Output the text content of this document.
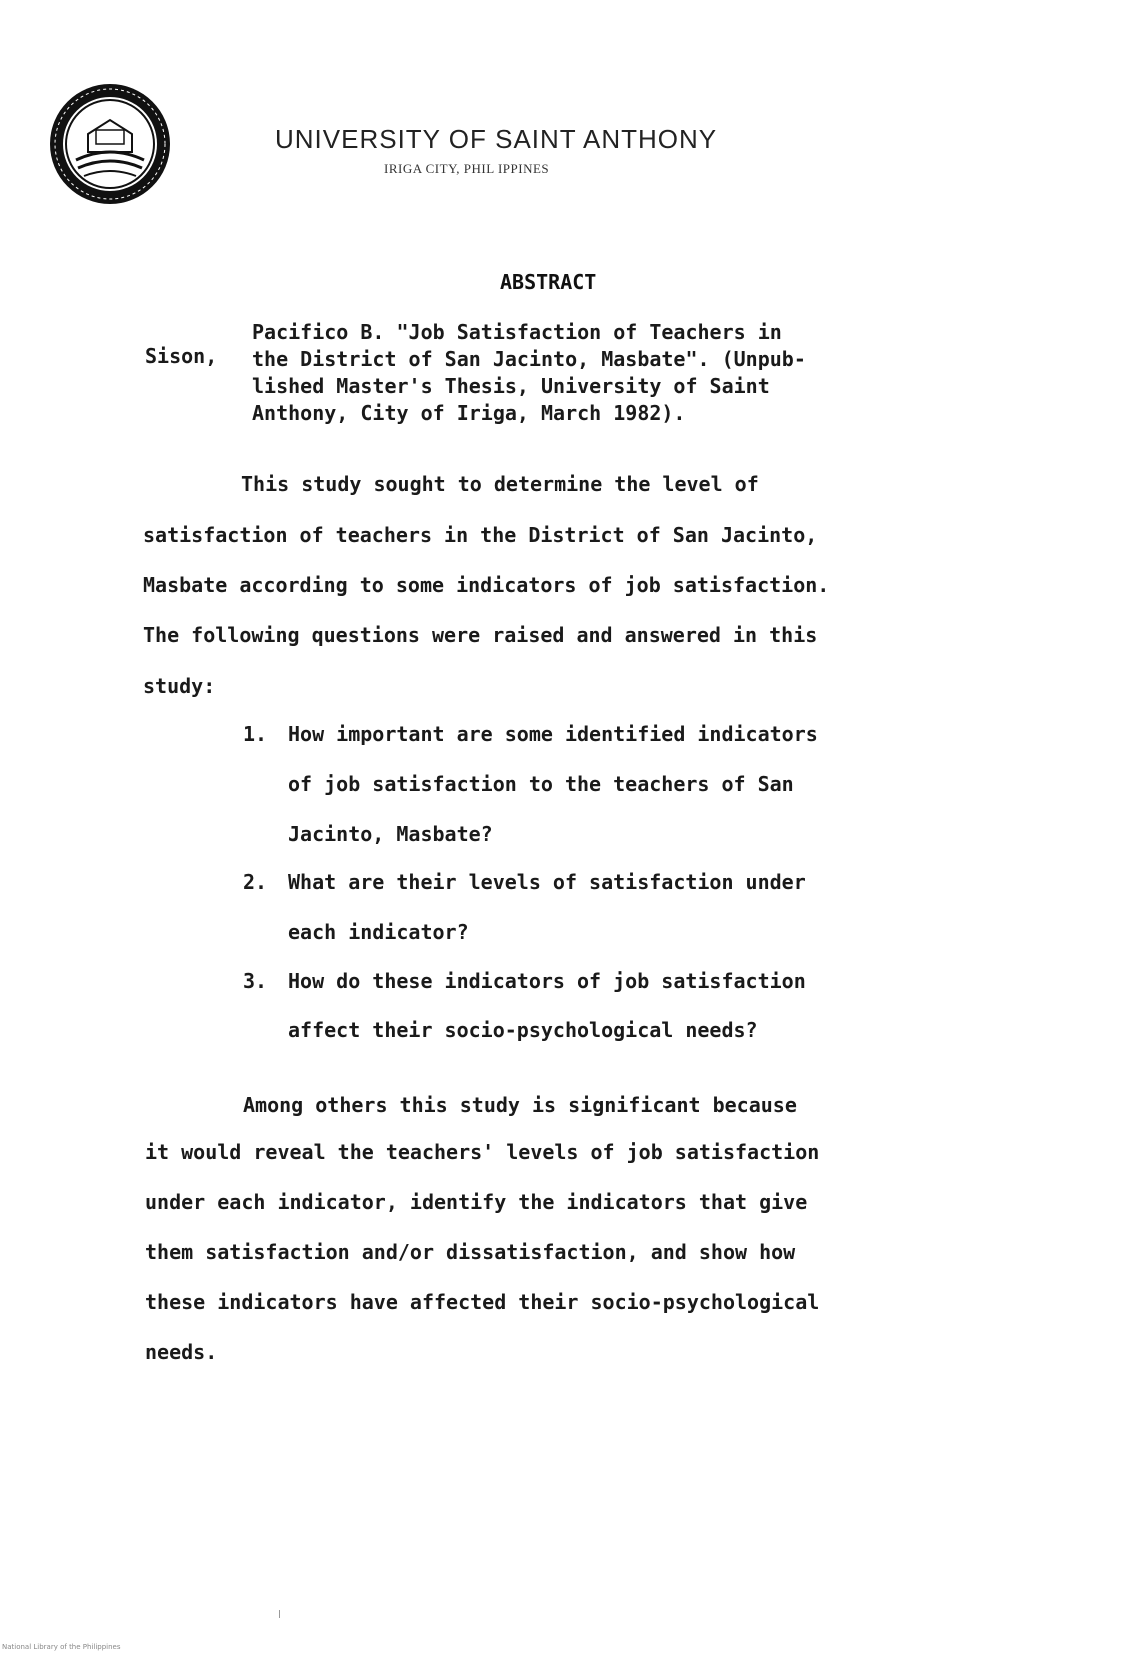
UNIVERSITY OF SAINT ANTHONY
IRIGA CITY, PHIL IPPINES
ABSTRACT
Sison,
Pacifico B. "Job Satisfaction of Teachers in
the District of San Jacinto, Masbate". (Unpub-
lished Master's Thesis, University of Saint
Anthony, City of Iriga, March 1982).
This study sought to determine the level of
satisfaction of teachers in the District of San Jacinto,
Masbate according to some indicators of job satisfaction.
The following questions were raised and answered in this
study:
1. How important are some identified indicators
of job satisfaction to the teachers of San
Jacinto, Masbate?
2. What are their levels of satisfaction under
each indicator?
3. How do these indicators of job satisfaction
affect their socio-psychological needs?
Among others this study is significant because
it would reveal the teachers' levels of job satisfaction
under each indicator, identify the indicators that give
them satisfaction and/or dissatisfaction, and show how
these indicators have affected their socio-psychological
needs.
National Library of the Philippines
